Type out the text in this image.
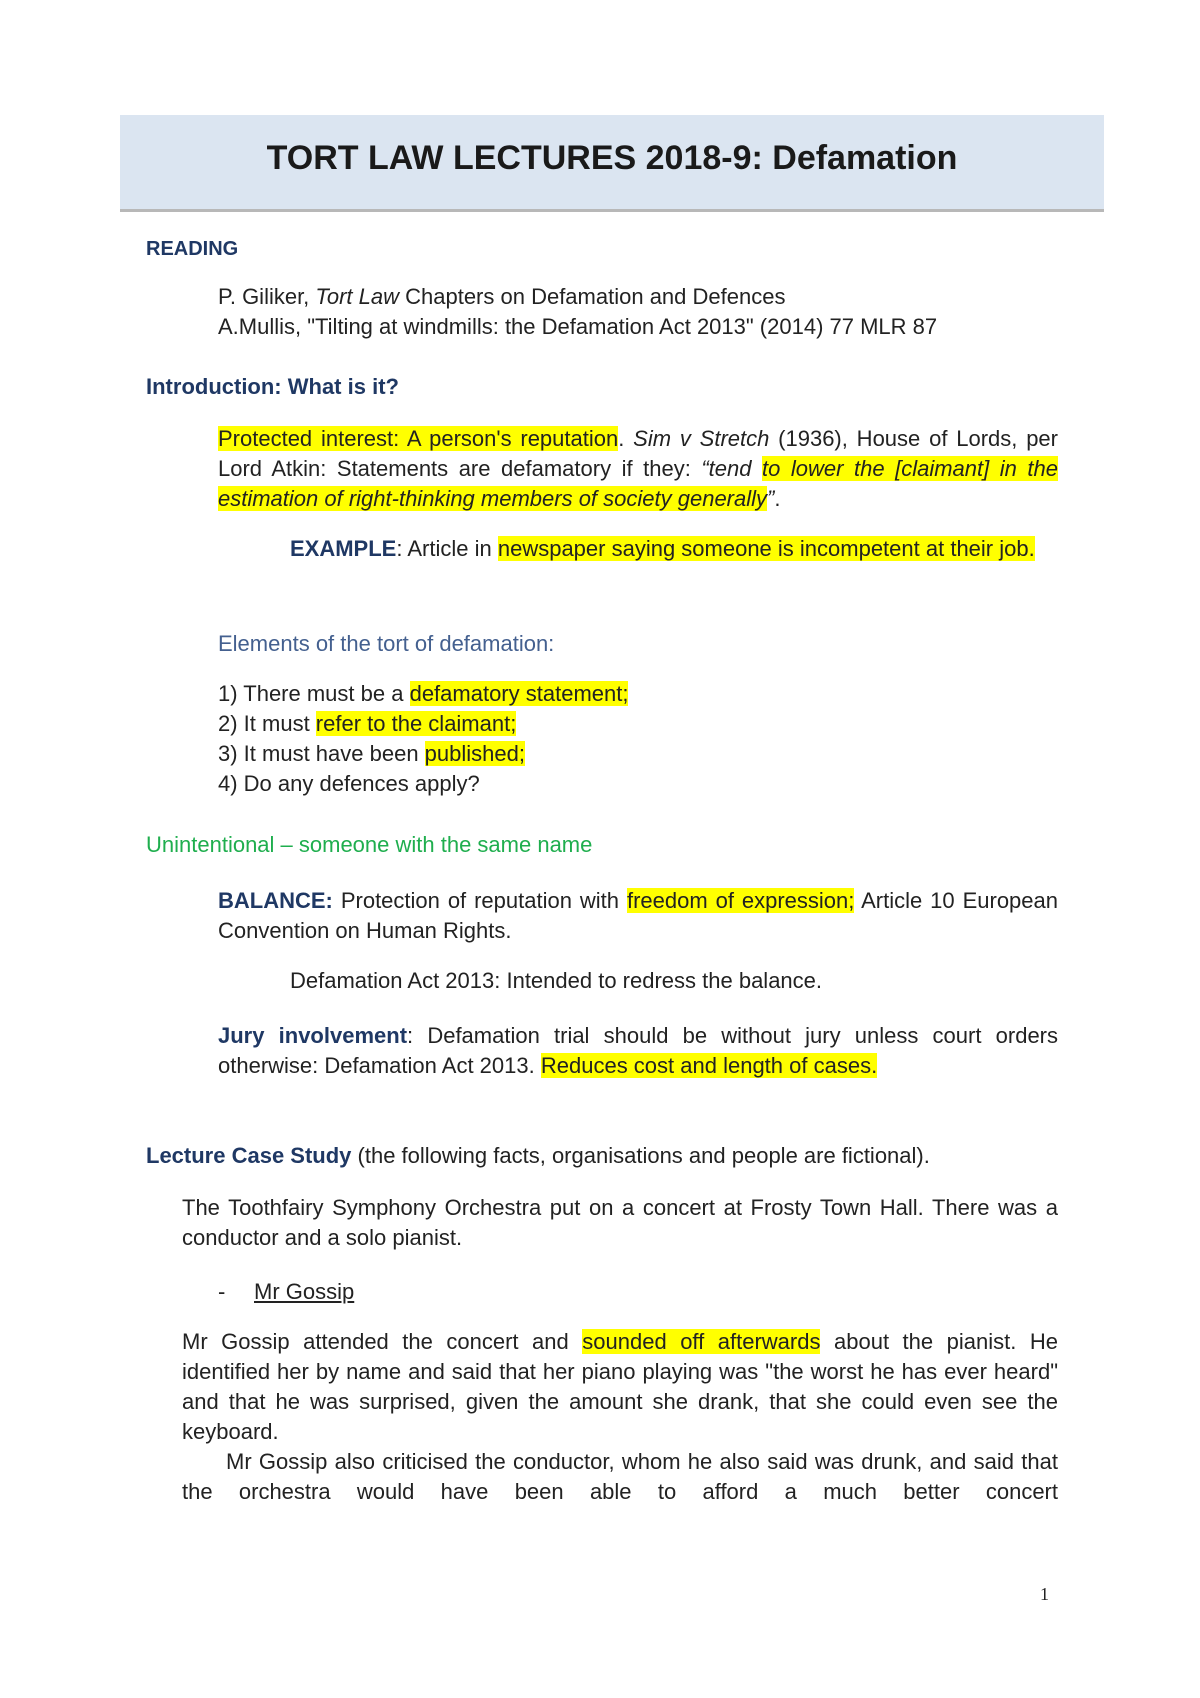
TORT LAW LECTURES 2018-9: Defamation
READING
P. Giliker, Tort Law Chapters on Defamation and Defences
A.Mullis, "Tilting at windmills: the Defamation Act 2013" (2014) 77 MLR 87
Introduction: What is it?
Protected interest: A person's reputation. Sim v Stretch (1936), House of Lords, per Lord Atkin: Statements are defamatory if they: “tend to lower the [claimant] in the estimation of right-thinking members of society generally”.
EXAMPLE: Article in newspaper saying someone is incompetent at their job.
Elements of the tort of defamation:
1) There must be a defamatory statement;
2) It must refer to the claimant;
3) It must have been published;
4) Do any defences apply?
Unintentional – someone with the same name
BALANCE: Protection of reputation with freedom of expression; Article 10 European Convention on Human Rights.
Defamation Act 2013: Intended to redress the balance.
Jury involvement: Defamation trial should be without jury unless court orders otherwise: Defamation Act 2013. Reduces cost and length of cases.
Lecture Case Study (the following facts, organisations and people are fictional).
The Toothfairy Symphony Orchestra put on a concert at Frosty Town Hall. There was a conductor and a solo pianist.
- Mr Gossip
Mr Gossip attended the concert and sounded off afterwards about the pianist. He identified her by name and said that her piano playing was "the worst he has ever heard" and that he was surprised, given the amount she drank, that she could even see the keyboard.
Mr Gossip also criticised the conductor, whom he also said was drunk, and said that the orchestra would have been able to afford a much better concert
1
